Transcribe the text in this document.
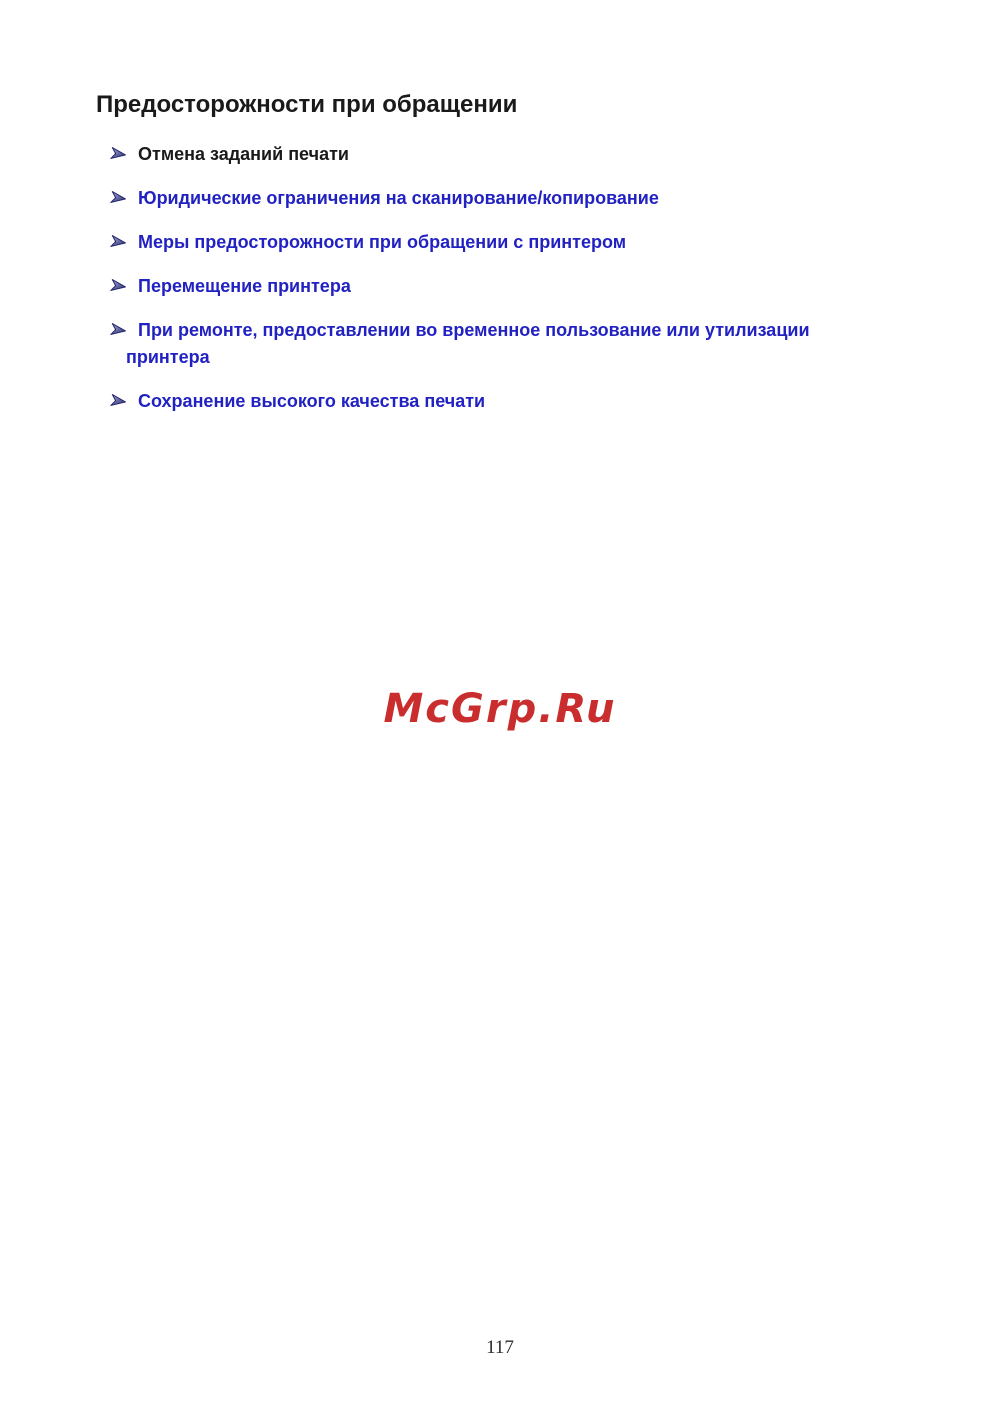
Предосторожности при обращении
Отмена заданий печати
Юридические ограничения на сканирование/копирование
Меры предосторожности при обращении с принтером
Перемещение принтера
При ремонте, предоставлении во временное пользование или утилизации принтера
Сохранение высокого качества печати
McGrp.Ru
117
